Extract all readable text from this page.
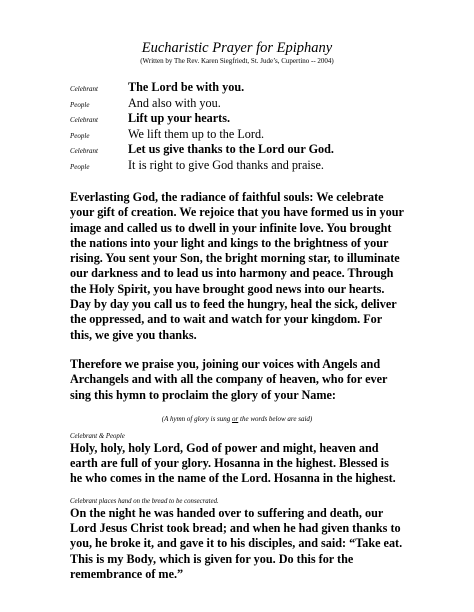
Eucharistic Prayer for Epiphany
(Written by The Rev. Karen Siegfriedt, St. Jude’s, Cupertino -- 2004)
Celebrant	The Lord be with you.
People	And also with you.
Celebrant	Lift up your hearts.
People	We lift them up to the Lord.
Celebrant	Let us give thanks to the Lord our God.
People	It is right to give God thanks and praise.

Everlasting God, the radiance of faithful souls: We celebrate your gift of creation. We rejoice that you have formed us in your image and called us to dwell in your infinite love. You brought the nations into your light and kings to the brightness of your rising. You sent your Son, the bright morning star, to illuminate our darkness and to lead us into harmony and peace. Through the Holy Spirit, you have brought good news into our hearts. Day by day you call us to feed the hungry, heal the sick, deliver the oppressed, and to wait and watch for your kingdom. For this, we give you thanks.

Therefore we praise you, joining our voices with Angels and Archangels and with all the company of heaven, who for ever sing this hymn to proclaim the glory of your Name:

(A hymn of glory is sung or the words below are said)
Celebrant & People

Holy, holy, holy Lord, God of power and might, heaven and earth are full of your glory. Hosanna in the highest. Blessed is he who comes in the name of the Lord. Hosanna in the highest.

Celebrant places hand on the bread to be consecrated.

On the night he was handed over to suffering and death, our Lord Jesus Christ took bread; and when he had given thanks to you, he broke it, and gave it to his disciples, and said: “Take eat. This is my Body, which is given for you. Do this for the remembrance of me.”
